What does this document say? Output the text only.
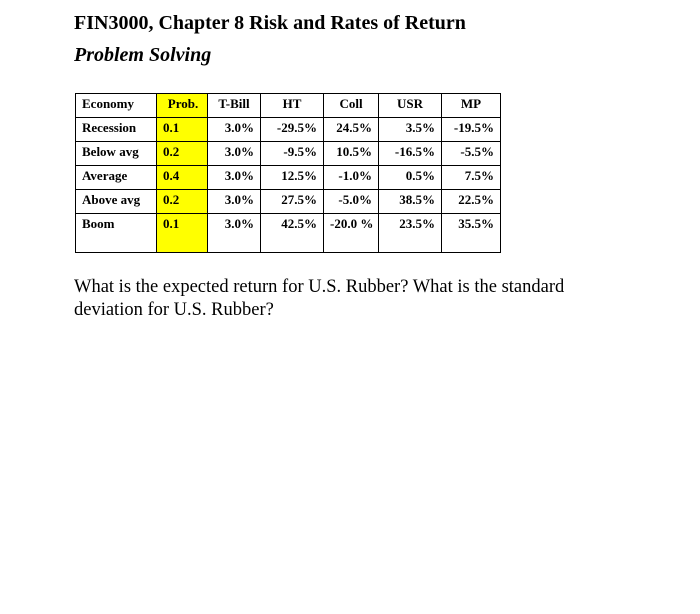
FIN3000, Chapter 8 Risk and Rates of Return
Problem Solving
Economy	Prob.	T-Bill	HT	Coll	USR	MP
Recession	0.1	3.0%	-29.5%	24.5%	3.5%	-19.5%
Below avg	0.2	3.0%	-9.5%	10.5%	-16.5%	-5.5%
Average	0.4	3.0%	12.5%	-1.0%	0.5%	7.5%
Above avg	0.2	3.0%	27.5%	-5.0%	38.5%	22.5%
Boom	0.1	3.0%	42.5%	-20.0 %	23.5%	35.5%
What is the expected return for U.S. Rubber? What is the standard deviation for U.S. Rubber?
